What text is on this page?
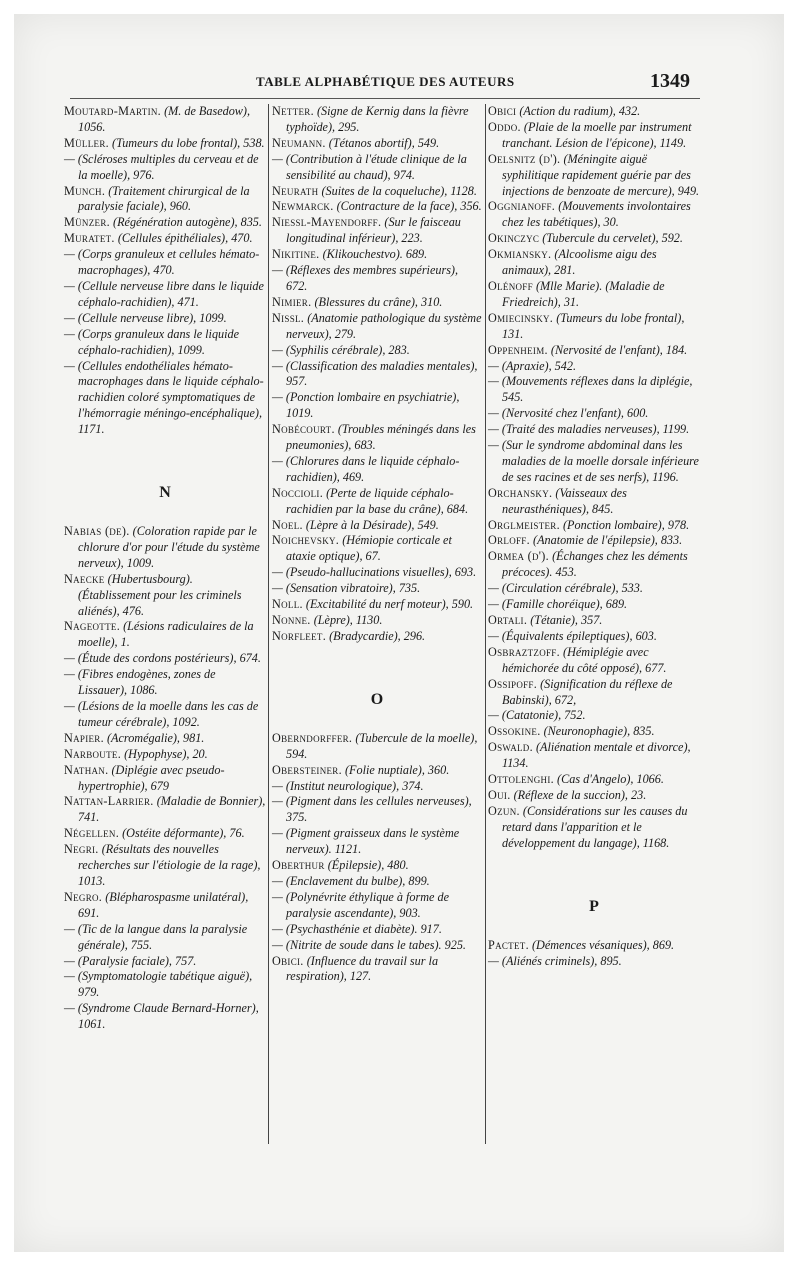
TABLE ALPHABÉTIQUE DES AUTEURS	1349

Moutard-Martin. (M. de Basedow), 1056.

Müller. (Tumeurs du lobe frontal), 538.

— (Scléroses multiples du cerveau et de la moelle), 976.

Munch. (Traitement chirurgical de la paralysie faciale), 960.

Münzer. (Régénération autogène), 835.

Muratet. (Cellules épithéliales), 470.

— (Corps granuleux et cellules hémato-macrophages), 470.

— (Cellule nerveuse libre dans le liquide céphalo-rachidien), 471.

— (Cellule nerveuse libre), 1099.

— (Corps granuleux dans le liquide céphalo-rachidien), 1099.

— (Cellules endothéliales hémato-macrophages dans le liquide céphalo-rachidien coloré symptomatiques de l'hémorragie méningo-encéphalique), 1171.

N

Nabias (de). (Coloration rapide par le chlorure d'or pour l'étude du système nerveux), 1009.

Naecke (Hubertusbourg). (Établissement pour les criminels aliénés), 476.

Nageotte. (Lésions radiculaires de la moelle), 1.

— (Étude des cordons postérieurs), 674.

— (Fibres endogènes, zones de Lissauer), 1086.

— (Lésions de la moelle dans les cas de tumeur cérébrale), 1092.

Napier. (Acromégalie), 981.

Narboute. (Hypophyse), 20.

Nathan. (Diplégie avec pseudo-hypertrophie), 679

Nattan-Larrier. (Maladie de Bonnier), 741.

Négellen. (Ostéite déformante), 76.

Negri. (Résultats des nouvelles recherches sur l'étiologie de la rage), 1013.

Negro. (Blépharospasme unilatéral), 691.

— (Tic de la langue dans la paralysie générale), 755.

— (Paralysie faciale), 757.

— (Symptomatologie tabétique aiguë), 979.

— (Syndrome Claude Bernard-Horner), 1061.

Netter. (Signe de Kernig dans la fièvre typhoïde), 295.

Neumann. (Tétanos abortif), 549.

— (Contribution à l'étude clinique de la sensibilité au chaud), 974.

Neurath (Suites de la coqueluche), 1128.

Newmarck. (Contracture de la face), 356.

Niessl-Mayendorff. (Sur le faisceau longitudinal inférieur), 223.

Nikitine. (Klikouchestvo). 689.

— (Réflexes des membres supérieurs), 672.

Nimier. (Blessures du crâne), 310.

Nissl. (Anatomie pathologique du système nerveux), 279.

— (Syphilis cérébrale), 283.

— (Classification des maladies mentales), 957.

— (Ponction lombaire en psychiatrie), 1019.

Nobécourt. (Troubles méningés dans les pneumonies), 683.

— (Chlorures dans le liquide céphalo-rachidien), 469.

Noccioli. (Perte de liquide céphalo-rachidien par la base du crâne), 684.

Noel. (Lèpre à la Désirade), 549.

Noichevsky. (Hémiopie corticale et ataxie optique), 67.

— (Pseudo-hallucinations visuelles), 693.

— (Sensation vibratoire), 735.

Noll. (Excitabilité du nerf moteur), 590.

Nonne. (Lèpre), 1130.

Norfleet. (Bradycardie), 296.

O

Oberndorffer. (Tubercule de la moelle), 594.

Obersteiner. (Folie nuptiale), 360.

— (Institut neurologique), 374.

— (Pigment dans les cellules nerveuses), 375.

— (Pigment graisseux dans le système nerveux). 1121.

Oberthur (Épilepsie), 480.

— (Enclavement du bulbe), 899.

— (Polynévrite éthylique à forme de paralysie ascendante), 903.

— (Psychasthénie et diabète). 917.

— (Nitrite de soude dans le tabes). 925.

Obici. (Influence du travail sur la respiration), 127.

Obici (Action du radium), 432.

Oddo. (Plaie de la moelle par instrument tranchant. Lésion de l'épicone), 1149.

Oelsnitz (d'). (Méningite aiguë syphilitique rapidement guérie par des injections de benzoate de mercure), 949.

Oggnianoff. (Mouvements involontaires chez les tabétiques), 30.

Okinczyc (Tubercule du cervelet), 592.

Okmiansky. (Alcoolisme aigu des animaux), 281.

Olénoff (Mlle Marie). (Maladie de Friedreich), 31.

Omiecinsky. (Tumeurs du lobe frontal), 131.

Oppenheim. (Nervosité de l'enfant), 184.

— (Apraxie), 542.

— (Mouvements réflexes dans la diplégie, 545.

— (Nervosité chez l'enfant), 600.

— (Traité des maladies nerveuses), 1199.

— (Sur le syndrome abdominal dans les maladies de la moelle dorsale inférieure de ses racines et de ses nerfs), 1196.

Orchansky. (Vaisseaux des neurasthéniques), 845.

Orglmeister. (Ponction lombaire), 978.

Orloff. (Anatomie de l'épilepsie), 833.

Ormea (d'). (Échanges chez les déments précoces). 453.

— (Circulation cérébrale), 533.

— (Famille choréique), 689.

Ortali. (Tétanie), 357.

— (Équivalents épileptiques), 603.

Osbraztzoff. (Hémiplégie avec hémichorée du côté opposé), 677.

Ossipoff. (Signification du réflexe de Babinski), 672,

— (Catatonie), 752.

Ossokine. (Neuronophagie), 835.

Oswald. (Aliénation mentale et divorce), 1134.

Ottolenghi. (Cas d'Angelo), 1066.

Oui. (Réflexe de la succion), 23.

Ozun. (Considérations sur les causes du retard dans l'apparition et le développement du langage), 1168.

P

Pactet. (Démences vésaniques), 869.

— (Aliénés criminels), 895.
